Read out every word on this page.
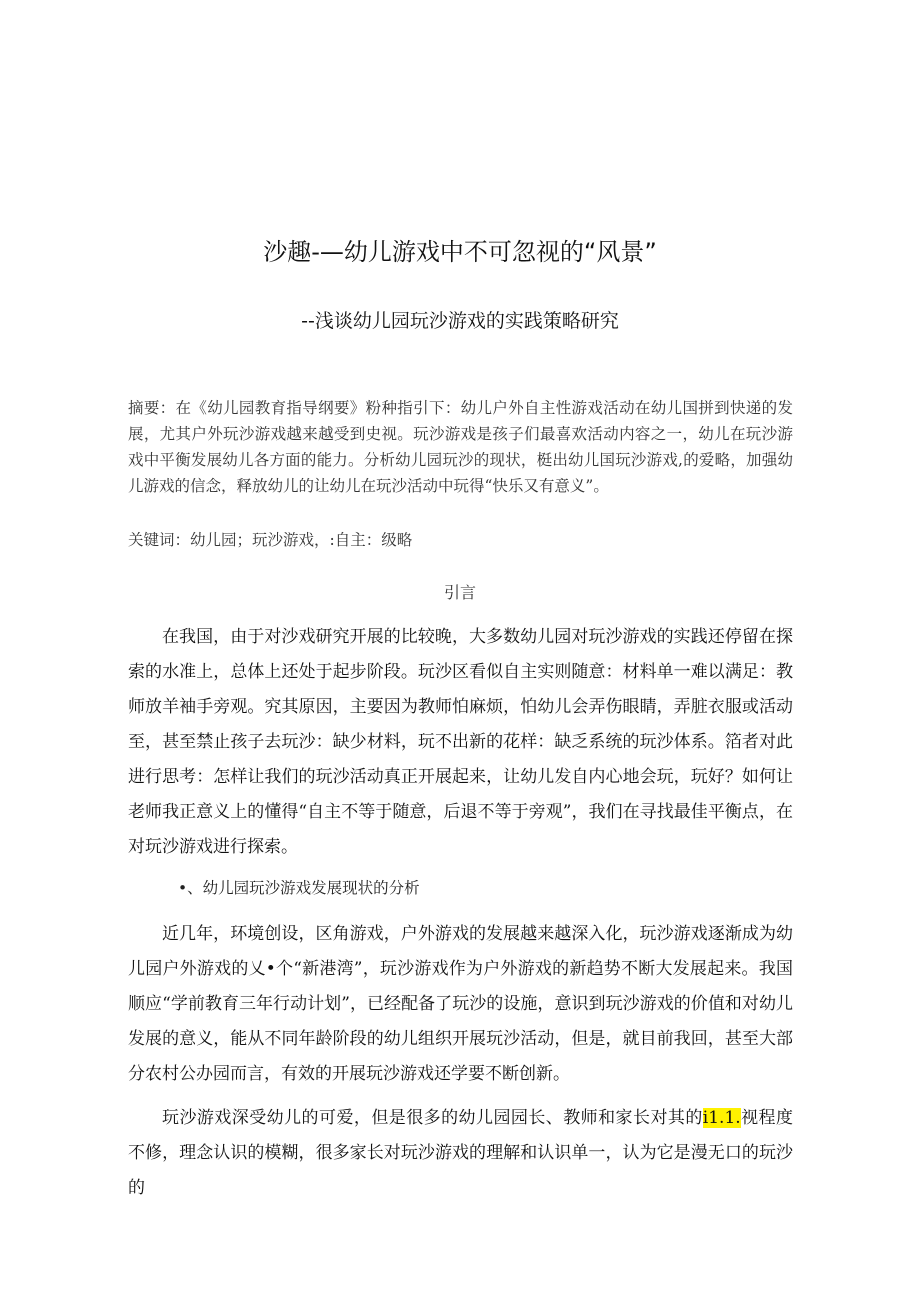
沙趣-—幼儿游戏中不可忽视的“风景”
--浅谈幼儿园玩沙游戏的实践策略研究
摘要：在《幼儿园教育指导纲要》粉种指引下：幼儿户外自主性游戏活动在幼儿国拼到快递的发展，尤其户外玩沙游戏越来越受到史视。玩沙游戏是孩子们最喜欢活动内容之一，幼儿在玩沙游戏中平衡发展幼儿各方面的能力。分析幼儿园玩沙的现状，梃出幼儿国玩沙游戏,的爱略，加强幼儿游戏的信念，释放幼儿的让幼儿在玩沙活动中玩得“快乐又有意义”。
关键词：幼儿园；玩沙游戏，:自主：级略
引言
在我国，由于对沙戏研究开展的比较晚，大多数幼儿园对玩沙游戏的实践还停留在探索的水准上，总体上还处于起步阶段。玩沙区看似自主实则随意：材料单一难以满足：教师放羊袖手旁观。究其原因，主要因为教师怕麻烦，怕幼儿会弄伤眼睛，弄脏衣服或活动至，甚至禁止孩子去玩沙：缺少材料，玩不出新的花样：缺乏系统的玩沙体系。箔者对此进行思考：怎样让我们的玩沙活动真正开展起来，让幼儿发自内心地会玩，玩好？如何让老师我正意义上的懂得“自主不等于随意，后退不等于旁观”，我们在寻找最佳平衡点，在对玩沙游戏进行探索。
•、幼儿园玩沙游戏发展现状的分析
近几年，环境创设，区角游戏，户外游戏的发展越来越深入化，玩沙游戏逐渐成为幼儿园户外游戏的乂•个“新港湾”，玩沙游戏作为户外游戏的新趋势不断大发展起来。我国顺应“学前教育三年行动计划”，已经配备了玩沙的设施，意识到玩沙游戏的价值和对幼儿发展的意义，能从不同年龄阶段的幼儿组织开展玩沙活动，但是，就目前我回，甚至大部分农村公办园而言，有效的开展玩沙游戏还学要不断创新。
玩沙游戏深受幼儿的可爱，但是很多的幼儿园园长、教师和家长对其的i1.1.视程度不修，理念认识的模糊，很多家长对玩沙游戏的理解和认识单一，认为它是漫无口的玩沙的
